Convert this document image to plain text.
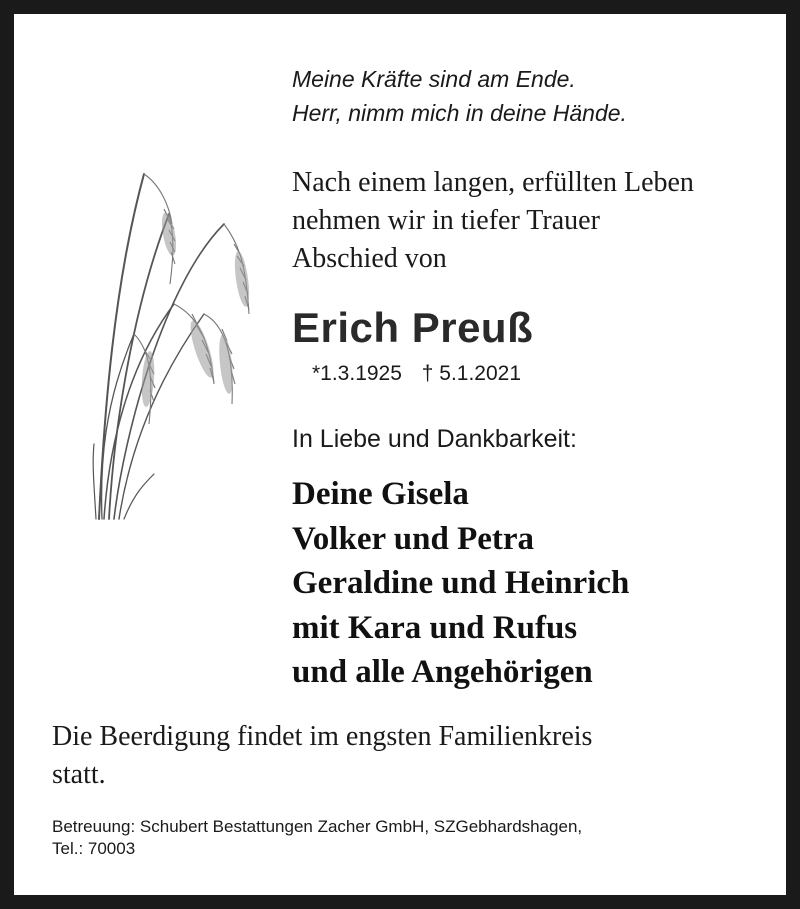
Meine Kräfte sind am Ende.
Herr, nimm mich in deine Hände.
Nach einem langen, erfüllten Leben
nehmen wir in tiefer Trauer
Abschied von
Erich Preuß
*1.3.1925 † 5.1.2021
In Liebe und Dankbarkeit:
Deine Gisela
Volker und Petra
Geraldine und Heinrich
mit Kara und Rufus
und alle Angehörigen
Die Beerdigung findet im engsten Familienkreis
statt.
Betreuung: Schubert Bestattungen Zacher GmbH, SZGebhardshagen,
Tel.: 70003
